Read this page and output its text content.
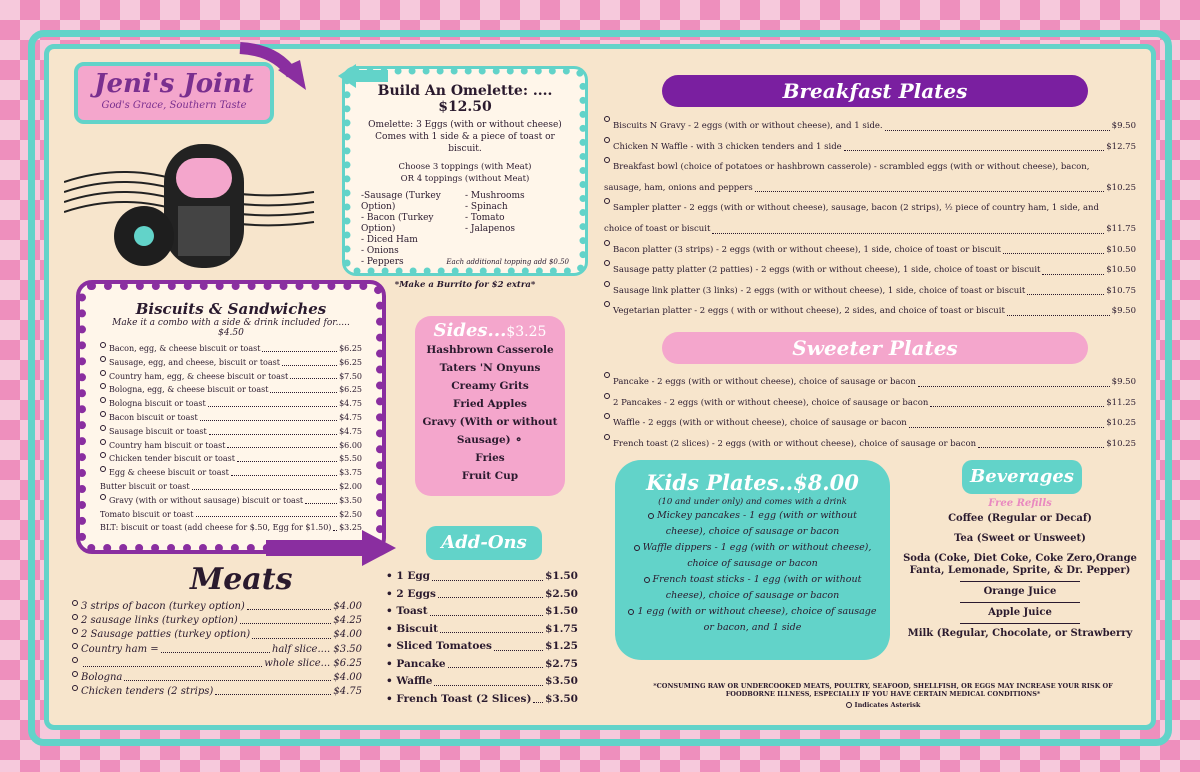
Jeni's Joint
God's Grace, Southern Taste
Build An Omelette: .... $12.50
Omelette: 3 Eggs (with or without cheese)
Comes with 1 side & a piece of toast or biscuit.
Choose 3 toppings (with Meat)
OR 4 toppings (without Meat)
-Sausage (Turkey Option)
- Bacon (Turkey Option)
- Diced Ham
- Onions
- Peppers
- Mushrooms
- Spinach
- Tomato
- Jalapenos
Each additional topping add $0.50
*Make a Burrito for $2 extra*
Biscuits & Sandwiches
Make it a combo with a side & drink included for..... $4.50
Bacon, egg, & cheese biscuit or toast	$6.25
Sausage, egg, and cheese, biscuit or toast	$6.25
Country ham, egg, & cheese biscuit or toast	$7.50
Bologna, egg, & cheese biscuit or toast	$6.25
Bologna biscuit or toast	$4.75
Bacon biscuit or toast	$4.75
Sausage biscuit or toast	$4.75
Country ham biscuit or toast	$6.00
Chicken tender biscuit or toast	$5.50
Egg & cheese biscuit or toast	$3.75
Butter biscuit or toast	$2.00
Gravy (with or without sausage) biscuit or toast	$3.50
Tomato biscuit or toast	$2.50
BLT: biscuit or toast (add cheese for $.50, Egg for $1.50) $3.25
Meats
3 strips of bacon (turkey option)	$4.00
2 sausage links (turkey option)	$4.25
2 Sausage patties (turkey option)	$4.00
Country ham =	half slice.... $3.50
whole slice... $6.25
Bologna	$4.00
Chicken tenders (2 strips)	$4.75
Sides...$3.25
Hashbrown Casserole
Taters 'N Onyuns
Creamy Grits
Fried Apples
Gravy (With or without
Sausage) ⚬
Fries
Fruit Cup
Add-Ons
• 1 Egg	$1.50
• 2 Eggs	$2.50
• Toast	$1.50
• Biscuit	$1.75
• Sliced Tomatoes	$1.25
• Pancake	$2.75
• Waffle	$3.50
• French Toast (2 Slices) $3.50
Breakfast Plates
Biscuits N Gravy - 2 eggs (with or without cheese), and 1 side.	$9.50
Chicken N Waffle - with 3 chicken tenders and 1 side	$12.75
Breakfast bowl (choice of potatoes or hashbrown casserole) - scrambled eggs (with or without cheese), bacon,
sausage, ham, onions and peppers	$10.25
Sampler platter - 2 eggs (with or without cheese), sausage, bacon (2 strips), ½ piece of country ham, 1 side, and
choice of toast or biscuit	$11.75
Bacon platter (3 strips) - 2 eggs (with or without cheese), 1 side, choice of toast or biscuit	$10.50
Sausage patty platter (2 patties) - 2 eggs (with or without cheese), 1 side, choice of toast or biscuit	$10.50
Sausage link platter (3 links) - 2 eggs (with or without cheese), 1 side, choice of toast or biscuit	$10.75
Vegetarian platter - 2 eggs ( with or without cheese), 2 sides, and choice of toast or biscuit	$9.50
Sweeter Plates
Pancake - 2 eggs (with or without cheese), choice of sausage or bacon	$9.50
2 Pancakes - 2 eggs (with or without cheese), choice of sausage or bacon	$11.25
Waffle - 2 eggs (with or without cheese), choice of sausage or bacon	$10.25
French toast (2 slices) - 2 eggs (with or without cheese), choice of sausage or bacon	$10.25
Kids Plates..$8.00
(10 and under only) and comes with a drink
Mickey pancakes - 1 egg (with or without cheese), choice of sausage or bacon
Waffle dippers - 1 egg (with or without cheese), choice of sausage or bacon
French toast sticks - 1 egg (with or without cheese), choice of sausage or bacon
1 egg (with or without cheese), choice of sausage or bacon, and 1 side
Beverages
Free Refills
Coffee (Regular or Decaf)
Tea (Sweet or Unsweet)
Soda (Coke, Diet Coke, Coke Zero,Orange Fanta, Lemonade, Sprite, & Dr. Pepper)
Orange Juice
Apple Juice
Milk (Regular, Chocolate, or Strawberry
*CONSUMING RAW OR UNDERCOOKED MEATS, POULTRY, SEAFOOD, SHELLFISH, OR EGGS MAY INCREASE YOUR RISK OF FOODBORNE ILLNESS, ESPECIALLY IF YOU HAVE CERTAIN MEDICAL CONDITIONS*
Indicates Asterisk
